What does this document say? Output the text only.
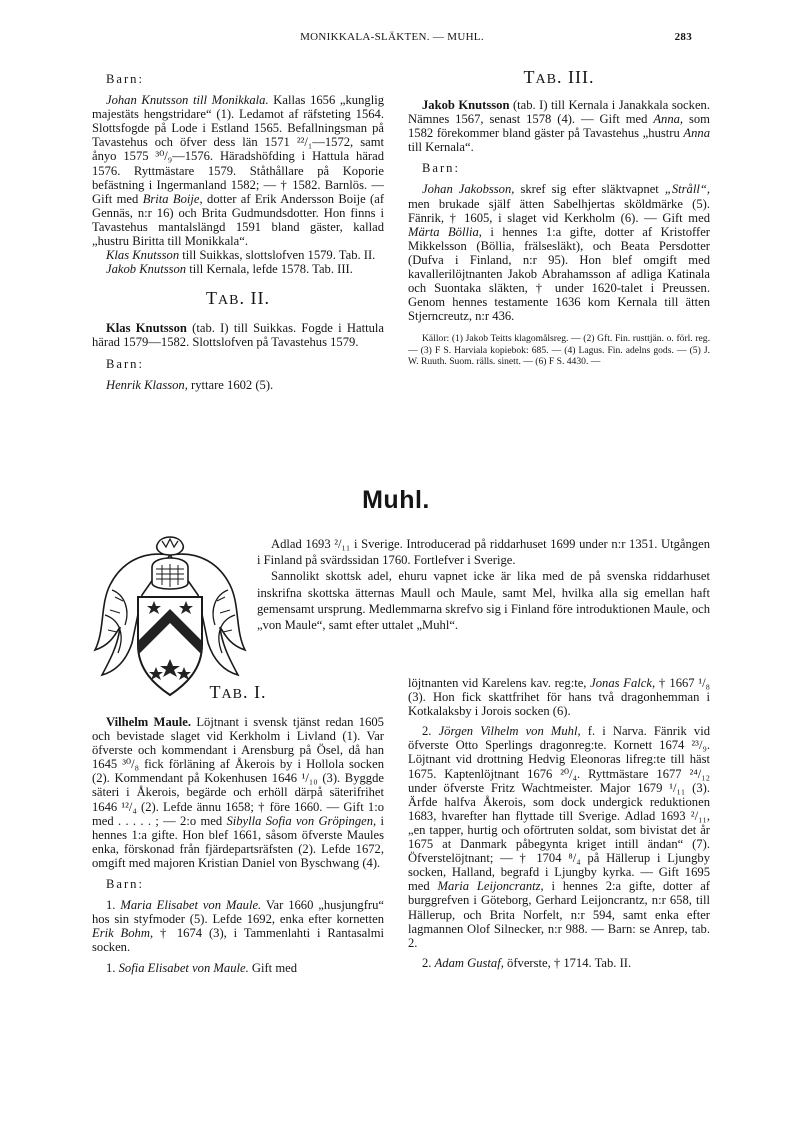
MONIKKALA-SLÄKTEN. — MUHL.	283

Barn:

Johan Knutsson till Monikkala. Kallas 1656 „kunglig majestäts hengstridare“ (1). Ledamot af räfsteting 1564. Slottsfogde på Lode i Estland 1565. Befallningsman på Tavastehus och öfver dess län 1571 ²²/₁—1572, samt ånyo 1575 ³⁰/₉—1576. Häradshöfding i Hattula härad 1576. Ryttmästare 1579. Ståthållare på Koporie befästning i Ingermanland 1582; — † 1582. Barnlös. — Gift med Brita Boije, dotter af Erik Andersson Boije (af Gennäs, n:r 16) och Brita Gudmundsdotter. Hon finns i Tavastehus mantalslängd 1591 bland gäster, kallad „hustru Biritta till Monikkala“.

Klas Knutsson till Suikkas, slottslofven 1579. Tab. II.

Jakob Knutsson till Kernala, lefde 1578. Tab. III.

TAB. II.

Klas Knutsson (tab. I) till Suikkas. Fogde i Hattula härad 1579—1582. Slottslofven på Tavastehus 1579.

Barn:

Henrik Klasson, ryttare 1602 (5).

TAB. III.

Jakob Knutsson (tab. I) till Kernala i Janakkala socken. Nämnes 1567, senast 1578 (4). — Gift med Anna, som 1582 förekommer bland gäster på Tavastehus „hustru Anna till Kernala“.

Barn:

Johan Jakobsson, skref sig efter släktvapnet „Stråll“, men brukade själf ätten Sabelhjertas sköldmärke (5). Fänrik, † 1605, i slaget vid Kerkholm (6). — Gift med Märta Böllia, i hennes 1:a gifte, dotter af Kristoffer Mikkelsson (Böllia, frälsesläkt), och Beata Persdotter (Dufva i Finland, n:r 95). Hon blef omgift med kavallerilöjtnanten Jakob Abrahamsson af adliga Katinala och Suontaka släkten, † under 1620-talet i Preussen. Genom hennes testamente 1636 kom Kernala till ätten Stjerncreutz, n:r 436.

Källor: (1) Jakob Teitts klagomålsreg. — (2) Gft. Fin. rusttjän. o. förl. reg. — (3) F S. Harviala kopiebok: 685. — (4) Lagus. Fin. adelns gods. — (5) J. W. Ruuth. Suom. rälls. sinett. — (6) F S. 4430. —

Muhl.

Adlad 1693 ²/₁₁ i Sverige. Introducerad på riddarhuset 1699 under n:r 1351. Utgången i Finland på svärdssidan 1760. Fortlefver i Sverige.

Sannolikt skottsk adel, ehuru vapnet icke är lika med de på svenska riddarhuset inskrifna skottska ätternas Maull och Maule, samt Mel, hvilka alla sig emellan haft gemensamt ursprung. Medlemmarna skrefvo sig i Finland före introduktionen Maule, och „von Maule“, samt efter uttalet „Muhl“.

TAB. I.

Vilhelm Maule. Löjtnant i svensk tjänst redan 1605 och bevistade slaget vid Kerkholm i Livland (1). Var öfverste och kommendant i Arensburg på Ösel, då han 1645 ³⁰/₈ fick förläning af Åkerois by i Hollola socken (2). Kommendant på Kokenhusen 1646 ¹/₁₀ (3). Byggde säteri i Åkerois, begärde och erhöll därpå säterifrihet 1646 ¹²/₄ (2). Lefde ännu 1658; † före 1660. — Gift 1:o med . . . . . ; — 2:o med Sibylla Sofia von Gröpingen, i hennes 1:a gifte. Hon blef 1661, såsom öfverste Maules enka, förskonad från fjärdepartsräfsten (2). Lefde 1672, omgift med majoren Kristian Daniel von Byschwang (4).

Barn:

1. Maria Elisabet von Maule. Var 1660 „husjungfru“ hos sin styfmoder (5). Lefde 1692, enka efter kornetten Erik Bohm, † 1674 (3), i Tammenlahti i Rantasalmi socken.

1. Sofia Elisabet von Maule. Gift med

löjtnanten vid Karelens kav. reg:te, Jonas Falck, † 1667 ¹/₈ (3). Hon fick skattfrihet för hans två dragonhemman i Kotkalaksby i Jorois socken (6).

2. Jörgen Vilhelm von Muhl, f. i Narva. Fänrik vid öfverste Otto Sperlings dragonreg:te. Kornett 1674 ²³/₉. Löjtnant vid drottning Hedvig Eleonoras lifreg:te till häst 1675. Kaptenlöjtnant 1676 ²⁰/₄. Ryttmästare 1677 ²⁴/₁₂ under öfverste Fritz Wachtmeister. Major 1679 ¹/₁₁ (3). Ärfde halfva Åkerois, som dock undergick reduktionen 1683, hvarefter han flyttade till Sverige. Adlad 1693 ²/₁₁, „en tapper, hurtig och oförtruten soldat, som bivistat det år 1675 at Danmark påbegynta kriget intill ändan“ (7). Öfverstelöjtnant; — † 1704 ⁸/₄ på Hällerup i Ljungby socken, Halland, begrafd i Ljungby kyrka. — Gift 1695 med Maria Leijoncrantz, i hennes 2:a gifte, dotter af burggrefven i Göteborg, Gerhard Leijoncrantz, n:r 658, till Hällerup, och Brita Norfelt, n:r 594, samt enka efter lagmannen Olof Silnecker, n:r 988. — Barn: se Anrep, tab. 2.

2. Adam Gustaf, öfverste, † 1714. Tab. II.
